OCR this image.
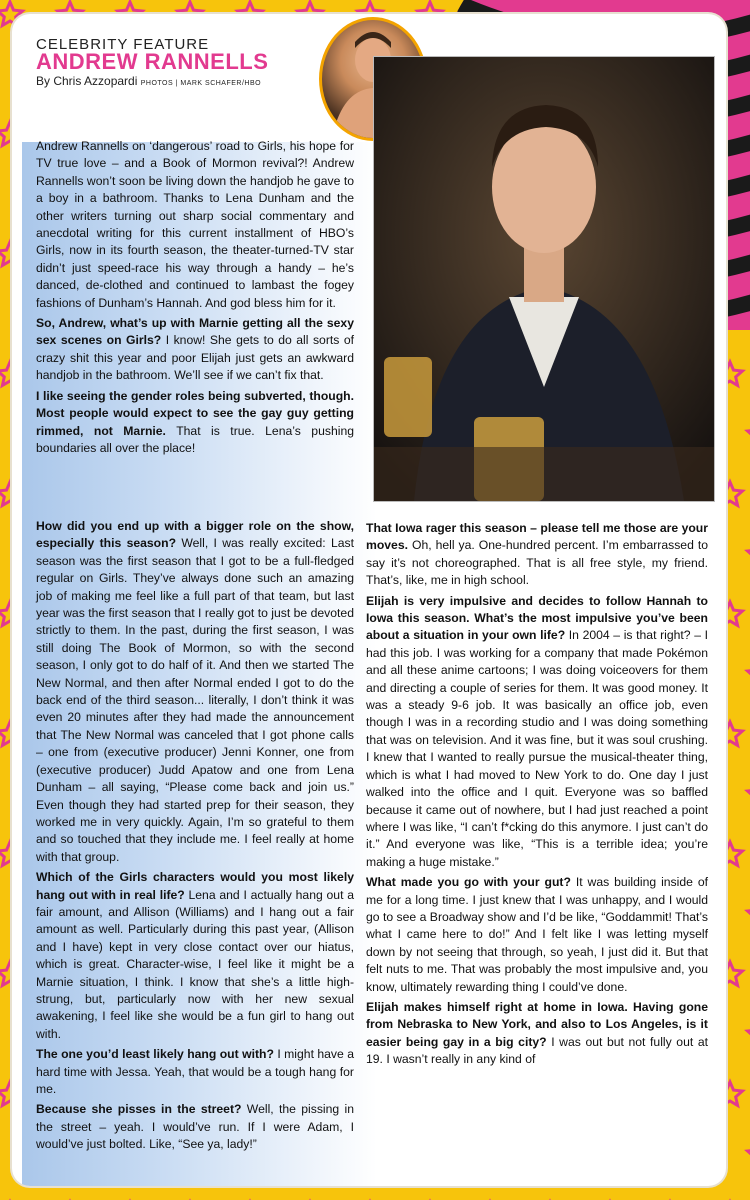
CELEBRITY FEATURE
ANDREW RANNELLS
By Chris Azzopardi PHOTOS | MARK SCHAFER/HBO

Andrew Rannells on ‘dangerous’ road to Girls, his hope for TV true love – and a Book of Mormon revival?! Andrew Rannells won’t soon be living down the handjob he gave to a boy in a bathroom. Thanks to Lena Dunham and the other writers turning out sharp social commentary and anecdotal writing for this current installment of HBO’s Girls, now in its fourth season, the theater-turned-TV star didn’t just speed-race his way through a handy – he’s danced, de-clothed and continued to lambast the fogey fashions of Dunham’s Hannah. And god bless him for it.

So, Andrew, what’s up with Marnie getting all the sexy sex scenes on Girls? I know! She gets to do all sorts of crazy shit this year and poor Elijah just gets an awkward handjob in the bathroom. We’ll see if we can’t fix that.

I like seeing the gender roles being subverted, though. Most people would expect to see the gay guy getting rimmed, not Marnie. That is true. Lena’s pushing boundaries all over the place!

How did you end up with a bigger role on the show, especially this season? Well, I was really excited: Last season was the first season that I got to be a full-fledged regular on Girls. They’ve always done such an amazing job of making me feel like a full part of that team, but last year was the first season that I really got to just be devoted strictly to them. In the past, during the first season, I was still doing The Book of Mormon, so with the second season, I only got to do half of it. And then we started The New Normal, and then after Normal ended I got to do the back end of the third season... literally, I don’t think it was even 20 minutes after they had made the announcement that The New Normal was canceled that I got phone calls – one from (executive producer) Jenni Konner, one from (executive producer) Judd Apatow and one from Lena Dunham – all saying, “Please come back and join us.” Even though they had started prep for their season, they worked me in very quickly. Again, I’m so grateful to them and so touched that they include me. I feel really at home with that group.

Which of the Girls characters would you most likely hang out with in real life? Lena and I actually hang out a fair amount, and Allison (Williams) and I hang out a fair amount as well. Particularly during this past year, (Allison and I have) kept in very close contact over our hiatus, which is great. Character-wise, I feel like it might be a Marnie situation, I think. I know that she’s a little high-strung, but, particularly now with her new sexual awakening, I feel like she would be a fun girl to hang out with.

The one you’d least likely hang out with? I might have a hard time with Jessa. Yeah, that would be a tough hang for me.

Because she pisses in the street? Well, the pissing in the street – yeah. I would’ve run. If I were Adam, I would’ve just bolted. Like, “See ya, lady!”

That Iowa rager this season – please tell me those are your moves. Oh, hell ya. One-hundred percent. I’m embarrassed to say it’s not choreographed. That is all free style, my friend. That’s, like, me in high school.

Elijah is very impulsive and decides to follow Hannah to Iowa this season. What’s the most impulsive you’ve been about a situation in your own life? In 2004 – is that right? – I had this job. I was working for a company that made Pokémon and all these anime cartoons; I was doing voiceovers for them and directing a couple of series for them. It was good money. It was a steady 9-6 job. It was basically an office job, even though I was in a recording studio and I was doing something that was on television. And it was fine, but it was soul crushing. I knew that I wanted to really pursue the musical-theater thing, which is what I had moved to New York to do. One day I just walked into the office and I quit. Everyone was so baffled because it came out of nowhere, but I had just reached a point where I was like, “I can’t f*cking do this anymore. I just can’t do it.” And everyone was like, “This is a terrible idea; you’re making a huge mistake.”

What made you go with your gut? It was building inside of me for a long time. I just knew that I was unhappy, and I would go to see a Broadway show and I’d be like, “Goddammit! That’s what I came here to do!” And I felt like I was letting myself down by not seeing that through, so yeah, I just did it. But that felt nuts to me. That was probably the most impulsive and, you know, ultimately rewarding thing I could’ve done.

Elijah makes himself right at home in Iowa. Having gone from Nebraska to New York, and also to Los Angeles, is it easier being gay in a big city? I was out but not fully out at 19. I wasn’t really in any kind of
